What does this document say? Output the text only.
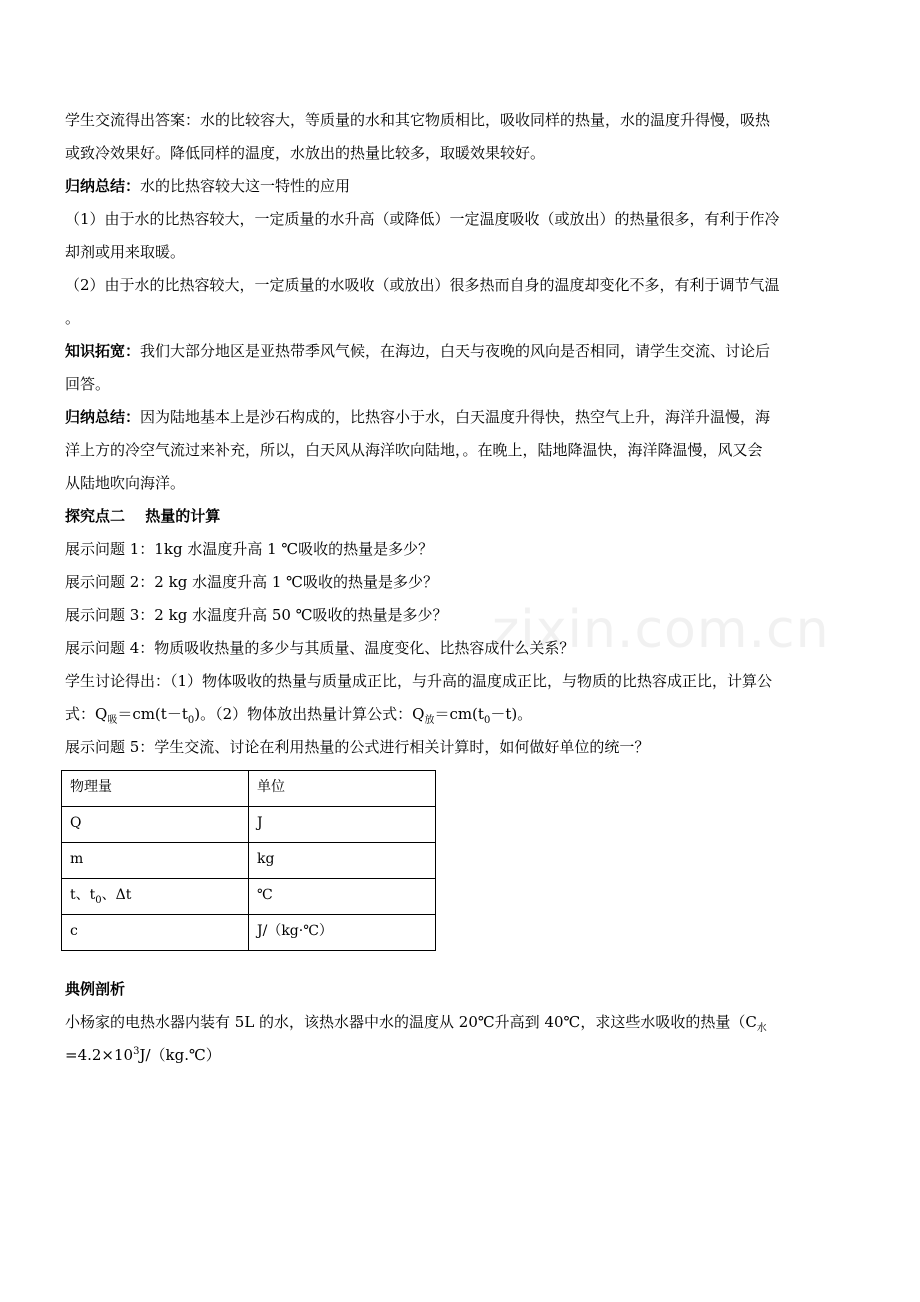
zixin.com.cn

学生交流得出答案：水的比较容大，等质量的水和其它物质相比，吸收同样的热量，水的温度升得慢，吸热
或致冷效果好。降低同样的温度，水放出的热量比较多，取暖效果较好。

归纳总结：水的比热容较大这一特性的应用

（1）由于水的比热容较大，一定质量的水升高（或降低）一定温度吸收（或放出）的热量很多，有利于作冷
却剂或用来取暖。

（2）由于水的比热容较大，一定质量的水吸收（或放出）很多热而自身的温度却变化不多，有利于调节气温
。

知识拓宽：我们大部分地区是亚热带季风气候，在海边，白天与夜晚的风向是否相同，请学生交流、讨论后
回答。

归纳总结：因为陆地基本上是沙石构成的，比热容小于水，白天温度升得快，热空气上升，海洋升温慢，海
洋上方的冷空气流过来补充，所以，白天风从海洋吹向陆地，。在晚上，陆地降温快，海洋降温慢，风又会
从陆地吹向海洋。

探究点二　 热量的计算

展示问题 1：1kg 水温度升高 1 ℃吸收的热量是多少？

展示问题 2：2 kg 水温度升高 1 ℃吸收的热量是多少？

展示问题 3：2 kg 水温度升高 50 ℃吸收的热量是多少？

展示问题 4：物质吸收热量的多少与其质量、温度变化、比热容成什么关系？

学生讨论得出：（1）物体吸收的热量与质量成正比，与升高的温度成正比，与物质的比热容成正比，计算公
式：$Q_吸=cm(t-t_0)$。（2）物体放出热量计算公式：$Q_放=cm(t_0-t)$。

展示问题 5：学生交流、讨论在利用热量的公式进行相关计算时，如何做好单位的统一？

物理量	单位
Q	J
m	kg
t、$t_0$、Δt	℃
c	J/（kg·℃）

典例剖析

小杨家的电热水器内装有 5L 的水，该热水器中水的温度从 20℃升高到 40℃，求这些水吸收的热量（$C_水$
$=4.2\times 10^3J/(kg.℃)$
